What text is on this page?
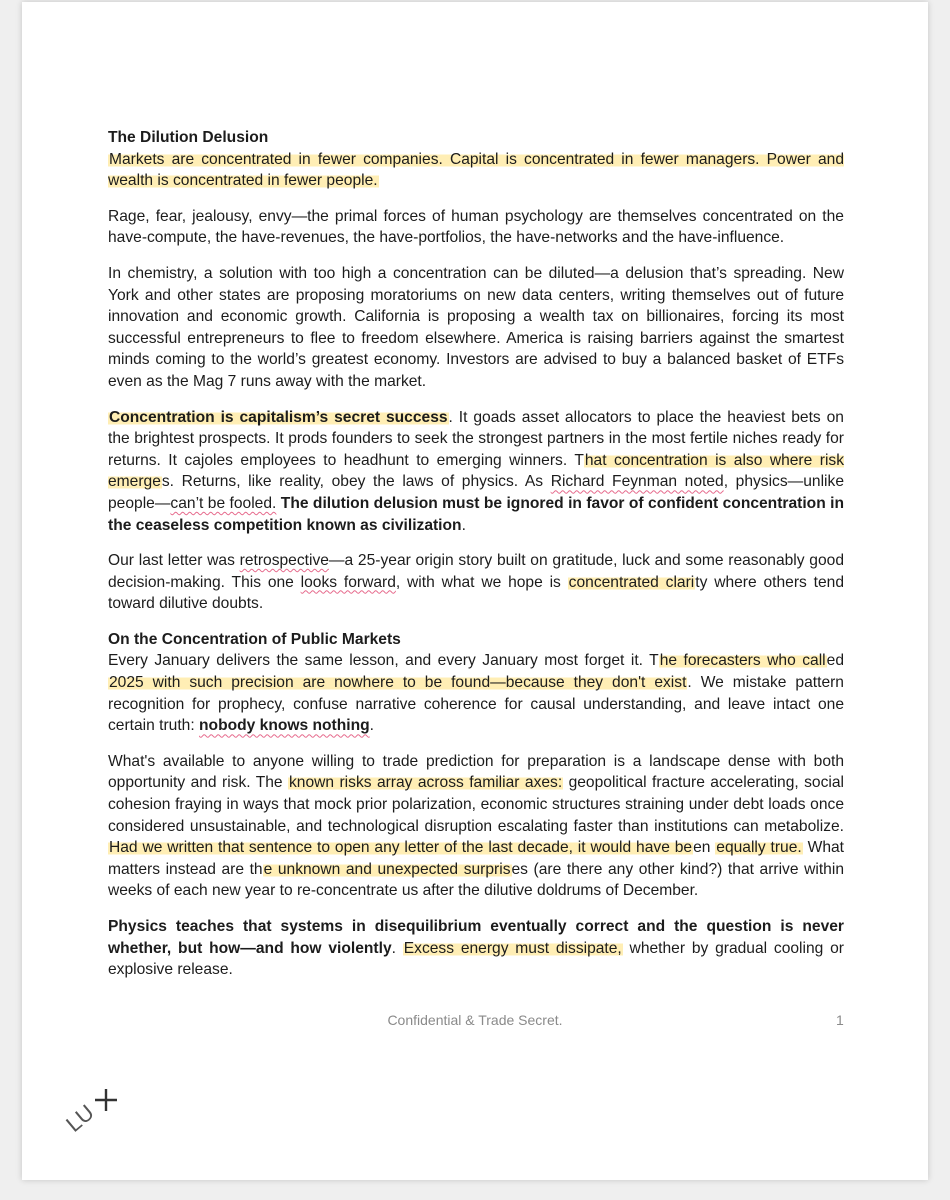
The Dilution Delusion
Markets are concentrated in fewer companies. Capital is concentrated in fewer managers. Power and wealth is concentrated in fewer people.

Rage, fear, jealousy, envy—the primal forces of human psychology are themselves concentrated on the have-compute, the have-revenues, the have-portfolios, the have-networks and the have-influence.

In chemistry, a solution with too high a concentration can be diluted—a delusion that’s spreading. New York and other states are proposing moratoriums on new data centers, writing themselves out of future innovation and economic growth. California is proposing a wealth tax on billionaires, forcing its most successful entrepreneurs to flee to freedom elsewhere. America is raising barriers against the smartest minds coming to the world’s greatest economy. Investors are advised to buy a balanced basket of ETFs even as the Mag 7 runs away with the market.

Concentration is capitalism’s secret success. It goads asset allocators to place the heaviest bets on the brightest prospects. It prods founders to seek the strongest partners in the most fertile niches ready for returns. It cajoles employees to headhunt to emerging winners. That concentration is also where risk emerges. Returns, like reality, obey the laws of physics. As Richard Feynman noted, physics—unlike people—can’t be fooled. The dilution delusion must be ignored in favor of confident concentration in the ceaseless competition known as civilization.

Our last letter was retrospective—a 25-year origin story built on gratitude, luck and some reasonably good decision-making. This one looks forward, with what we hope is concentrated clarity where others tend toward dilutive doubts.

On the Concentration of Public Markets
Every January delivers the same lesson, and every January most forget it. The forecasters who called 2025 with such precision are nowhere to be found—because they don't exist. We mistake pattern recognition for prophecy, confuse narrative coherence for causal understanding, and leave intact one certain truth: nobody knows nothing.

What's available to anyone willing to trade prediction for preparation is a landscape dense with both opportunity and risk. The known risks array across familiar axes: geopolitical fracture accelerating, social cohesion fraying in ways that mock prior polarization, economic structures straining under debt loads once considered unsustainable, and technological disruption escalating faster than institutions can metabolize. Had we written that sentence to open any letter of the last decade, it would have been equally true. What matters instead are the unknown and unexpected surprises (are there any other kind?) that arrive within weeks of each new year to re-concentrate us after the dilutive doldrums of December.

Physics teaches that systems in disequilibrium eventually correct and the question is never whether, but how—and how violently. Excess energy must dissipate, whether by gradual cooling or explosive release.

LU
Confidential & Trade Secret.	1
